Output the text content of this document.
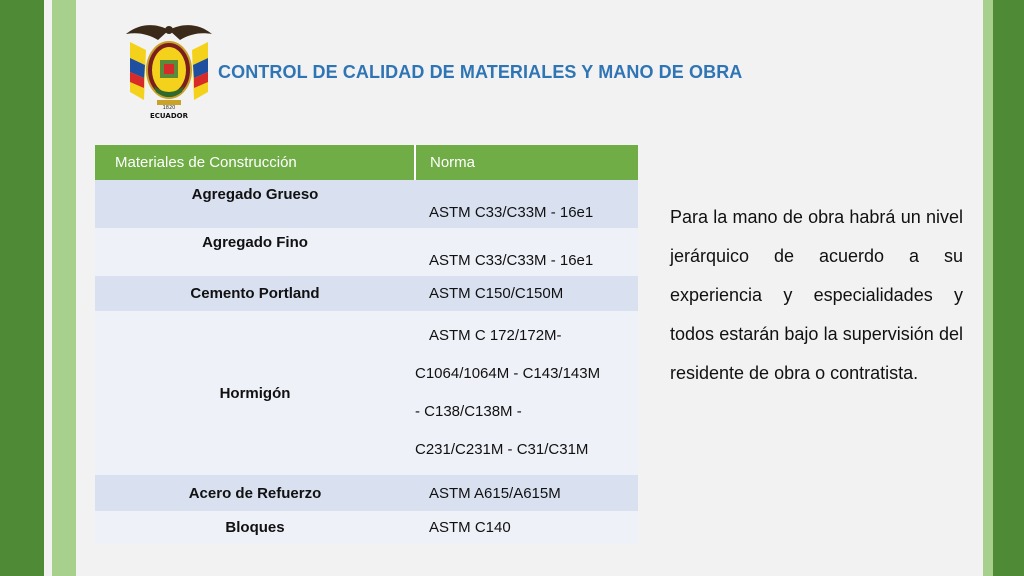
1820
ECUADOR
CONTROL DE CALIDAD DE MATERIALES Y MANO DE OBRA
Materiales de Construcción	Norma
Agregado Grueso	ASTM C33/C33M - 16e1
Agregado Fino	ASTM C33/C33M - 16e1
Cemento Portland	ASTM C150/C150M
Hormigón	ASTM C 172/172M-
C1064/1064M - C143/143M
- C138/C138M -
C231/C231M - C31/C31M

Acero de Refuerzo	ASTM A615/A615M
Bloques	ASTM C140

Para la mano de obra habrá un nivel jerárquico de acuerdo a su experiencia y especialidades y todos estarán bajo la supervisión del residente de obra o contratista.
